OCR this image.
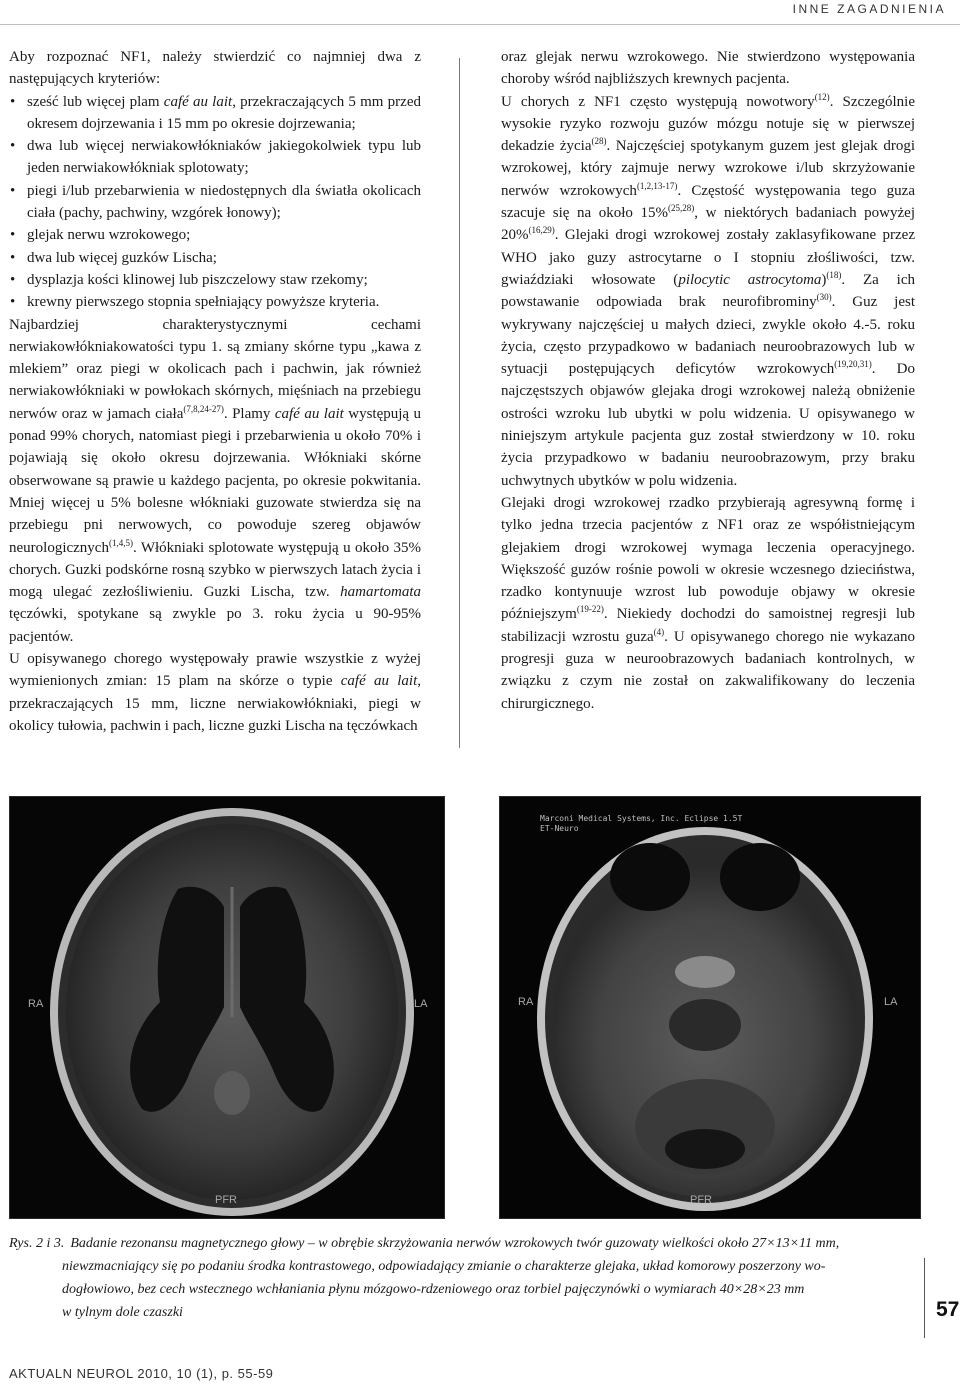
INNE ZAGADNIENIA

Aby rozpoznać NF1, należy stwierdzić co najmniej dwa z następujących kryteriów:

• sześć lub więcej plam café au lait, przekraczających 5 mm przed okresem dojrzewania i 15 mm po okresie dojrzewania;
• dwa lub więcej nerwiakowłókniaków jakiegokolwiek typu lub jeden nerwiakowłókniak splotowaty;
• piegi i/lub przebarwienia w niedostępnych dla światła okolicach ciała (pachy, pachwiny, wzgórek łonowy);
• glejak nerwu wzrokowego;
• dwa lub więcej guzków Lischa;
• dysplazja kości klinowej lub piszczelowy staw rzekomy;
• krewny pierwszego stopnia spełniający powyższe kryteria.

Najbardziej charakterystycznymi cechami nerwiakowłókniakowatości typu 1. są zmiany skórne typu „kawa z mlekiem” oraz piegi w okolicach pach i pachwin, jak również nerwiakowłókniaki w powłokach skórnych, mięśniach na przebiegu nerwów oraz w jamach ciała$^{(7,8,24-27)}$. Plamy café au lait występują u ponad 99% chorych, natomiast piegi i przebarwienia u około 70% i pojawiają się około okresu dojrzewania. Włókniaki skórne obserwowane są prawie u każdego pacjenta, po okresie pokwitania. Mniej więcej u 5% bolesne włókniaki guzowate stwierdza się na przebiegu pni nerwowych, co powoduje szereg objawów neurologicznych$^{(1,4,5)}$. Włókniaki splotowate występują u około 35% chorych. Guzki podskórne rosną szybko w pierwszych latach życia i mogą ulegać zezłośliwieniu. Guzki Lischa, tzw. hamartomata tęczówki, spotykane są zwykle po 3. roku życia u 90-95% pacjentów.

U opisywanego chorego występowały prawie wszystkie z wyżej wymienionych zmian: 15 plam na skórze o typie café au lait, przekraczających 15 mm, liczne nerwiakowłókniaki, piegi w okolicy tułowia, pachwin i pach, liczne guzki Lischa na tęczówkach

oraz glejak nerwu wzrokowego. Nie stwierdzono występowania choroby wśród najbliższych krewnych pacjenta.

U chorych z NF1 często występują nowotwory$^{(12)}$. Szczególnie wysokie ryzyko rozwoju guzów mózgu notuje się w pierwszej dekadzie życia$^{(28)}$. Najczęściej spotykanym guzem jest glejak drogi wzrokowej, który zajmuje nerwy wzrokowe i/lub skrzyżowanie nerwów wzrokowych$^{(1,2,13-17)}$. Częstość występowania tego guza szacuje się na około 15%$^{(25,28)}$, w niektórych badaniach powyżej 20%$^{(16,29)}$. Glejaki drogi wzrokowej zostały zaklasyfikowane przez WHO jako guzy astrocytarne o I stopniu złośliwości, tzw. gwiaździaki włosowate (pilocytic astrocytoma)$^{(18)}$. Za ich powstawanie odpowiada brak neurofibrominy$^{(30)}$. Guz jest wykrywany najczęściej u małych dzieci, zwykle około 4.-5. roku życia, często przypadkowo w badaniach neuroobrazowych lub w sytuacji postępujących deficytów wzrokowych$^{(19,20,31)}$. Do najczęstszych objawów glejaka drogi wzrokowej należą obniżenie ostrości wzroku lub ubytki w polu widzenia. U opisywanego w niniejszym artykule pacjenta guz został stwierdzony w 10. roku życia przypadkowo w badaniu neuroobrazowym, przy braku uchwytnych ubytków w polu widzenia.

Glejaki drogi wzrokowej rzadko przybierają agresywną formę i tylko jedna trzecia pacjentów z NF1 oraz ze współistniejącym glejakiem drogi wzrokowej wymaga leczenia operacyjnego. Większość guzów rośnie powoli w okresie wczesnego dzieciństwa, rzadko kontynuuje wzrost lub powoduje objawy w okresie późniejszym$^{(19-22)}$. Niekiedy dochodzi do samoistnej regresji lub stabilizacji wzrostu guza$^{(4)}$. U opisywanego chorego nie wykazano progresji guza w neuroobrazowych badaniach kontrolnych, w związku z czym nie został on zakwalifikowany do leczenia chirurgicznego.

RA	LA
PFR
Marconi Medical Systems, Inc. Eclipse 1.5T
ET-Neuro
RA	LA
PFR
Rys. 2 i 3. Badanie rezonansu magnetycznego głowy – w obrębie skrzyżowania nerwów wzrokowych twór guzowaty wielkości około 27×13×11 mm,
niewzmacniający się po podaniu środka kontrastowego, odpowiadający zmianie o charakterze glejaka, układ komorowy poszerzony wo-
dogłowiowo, bez cech wstecznego wchłaniania płynu mózgowo-rdzeniowego oraz torbiel pajęczynówki o wymiarach 40×28×23 mm
w tylnym dole czaszki	57
AKTUALN NEUROL 2010, 10 (1), p. 55-59
